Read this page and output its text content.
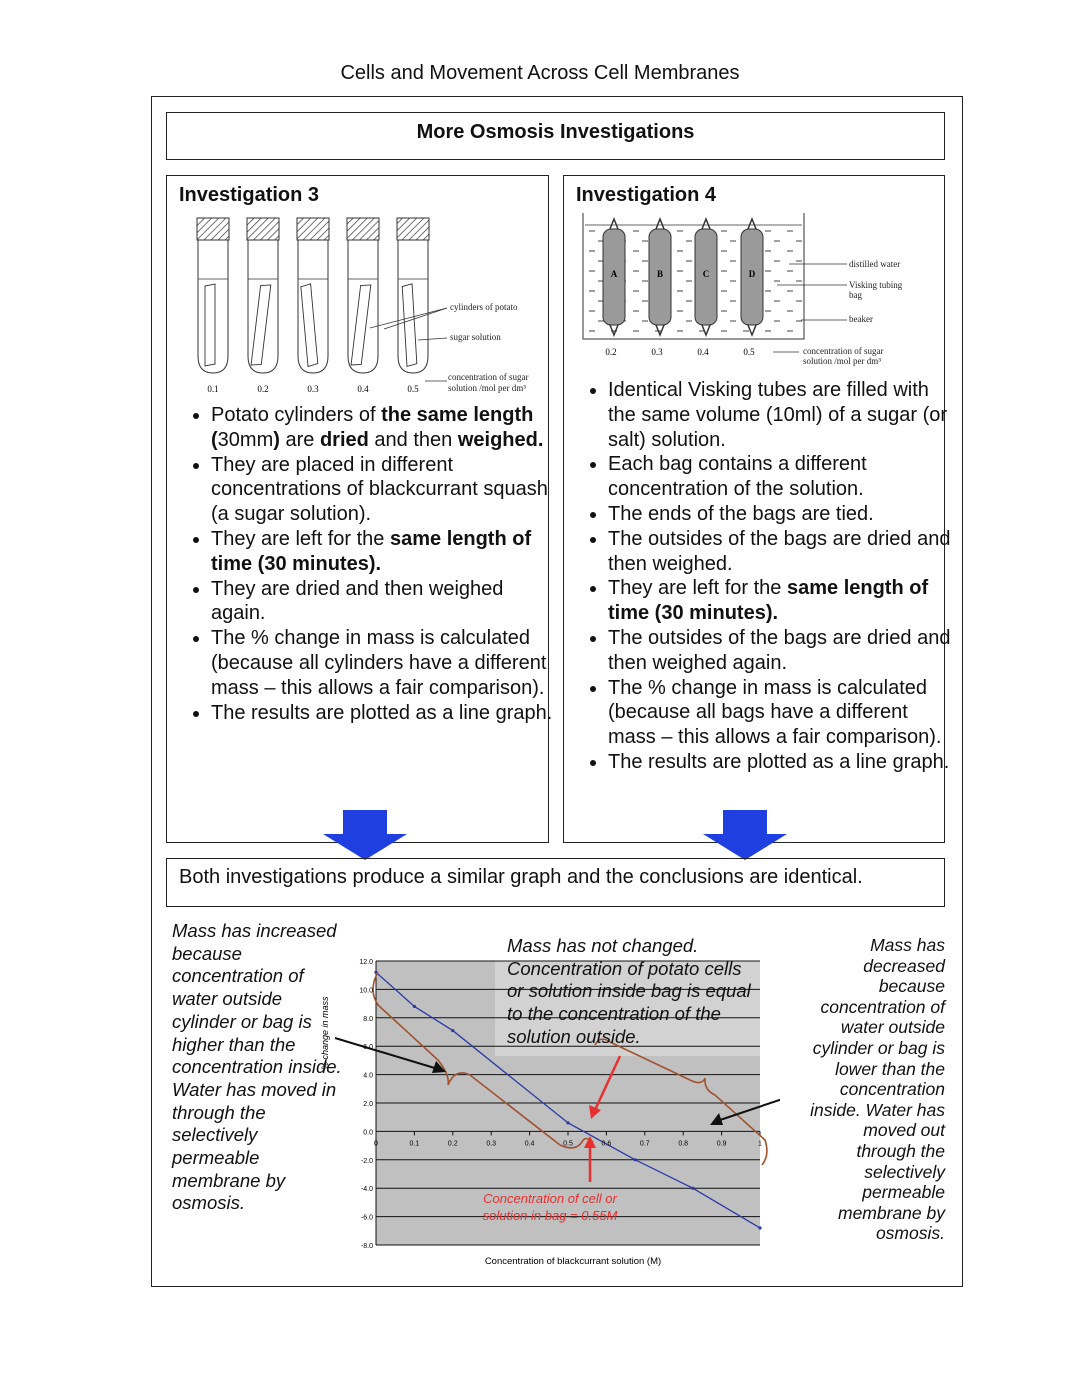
Cells and Movement Across Cell Membranes
More Osmosis Investigations
Investigation 3
0.1	0.2	0.3	0.4	0.5
cylinders of potato
sugar solution
concentration of sugar
solution /mol per dm³
• Potato cylinders of the same length (30mm) are dried and then weighed.
• They are placed in different concentrations of blackcurrant squash (a sugar solution).
• They are left for the same length of time (30 minutes).
• They are dried and then weighed again.
• The % change in mass is calculated (because all cylinders have a different mass – this allows a fair comparison).
• The results are plotted as a line graph.
Investigation 4
A
0.2
B
0.3
C
0.4
D
0.5
distilled water
Visking tubing
bag
beaker
concentration of sugar
solution /mol per dm³
• Identical Visking tubes are filled with the same volume (10ml) of a sugar (or salt) solution.
• Each bag contains a different concentration of the solution.
• The ends of the bags are tied.
• The outsides of the bags are dried and then weighed.
• They are left for the same length of time (30 minutes).
• The outsides of the bags are dried and then weighed again.
• The % change in mass is calculated (because all bags have a different mass – this allows a fair comparison).
• The results are plotted as a line graph.
Both investigations produce a similar graph and the conclusions are identical.
% change in mass
Concentration of blackcurrant solution (M)
12.0
10.0
8.0
6.0
4.0
2.0
0.0
-2.0
-4.0
-6.0
-8.0
0	0.1	0.2	0.3	0.4	0.5	0.6	0.7	0.8	0.9	1
Concentration of cell or
solution in bag = 0.55M
Mass has increased because concentration of water outside cylinder or bag is higher than the concentration inside. Water has moved in through the selectively permeable membrane by osmosis.
Mass has not changed. Concentration of potato cells or solution inside bag is equal to the concentration of the solution outside.
Mass has decreased because concentration of water outside cylinder or bag is lower than the concentration inside. Water has moved out through the selectively permeable membrane by osmosis.
